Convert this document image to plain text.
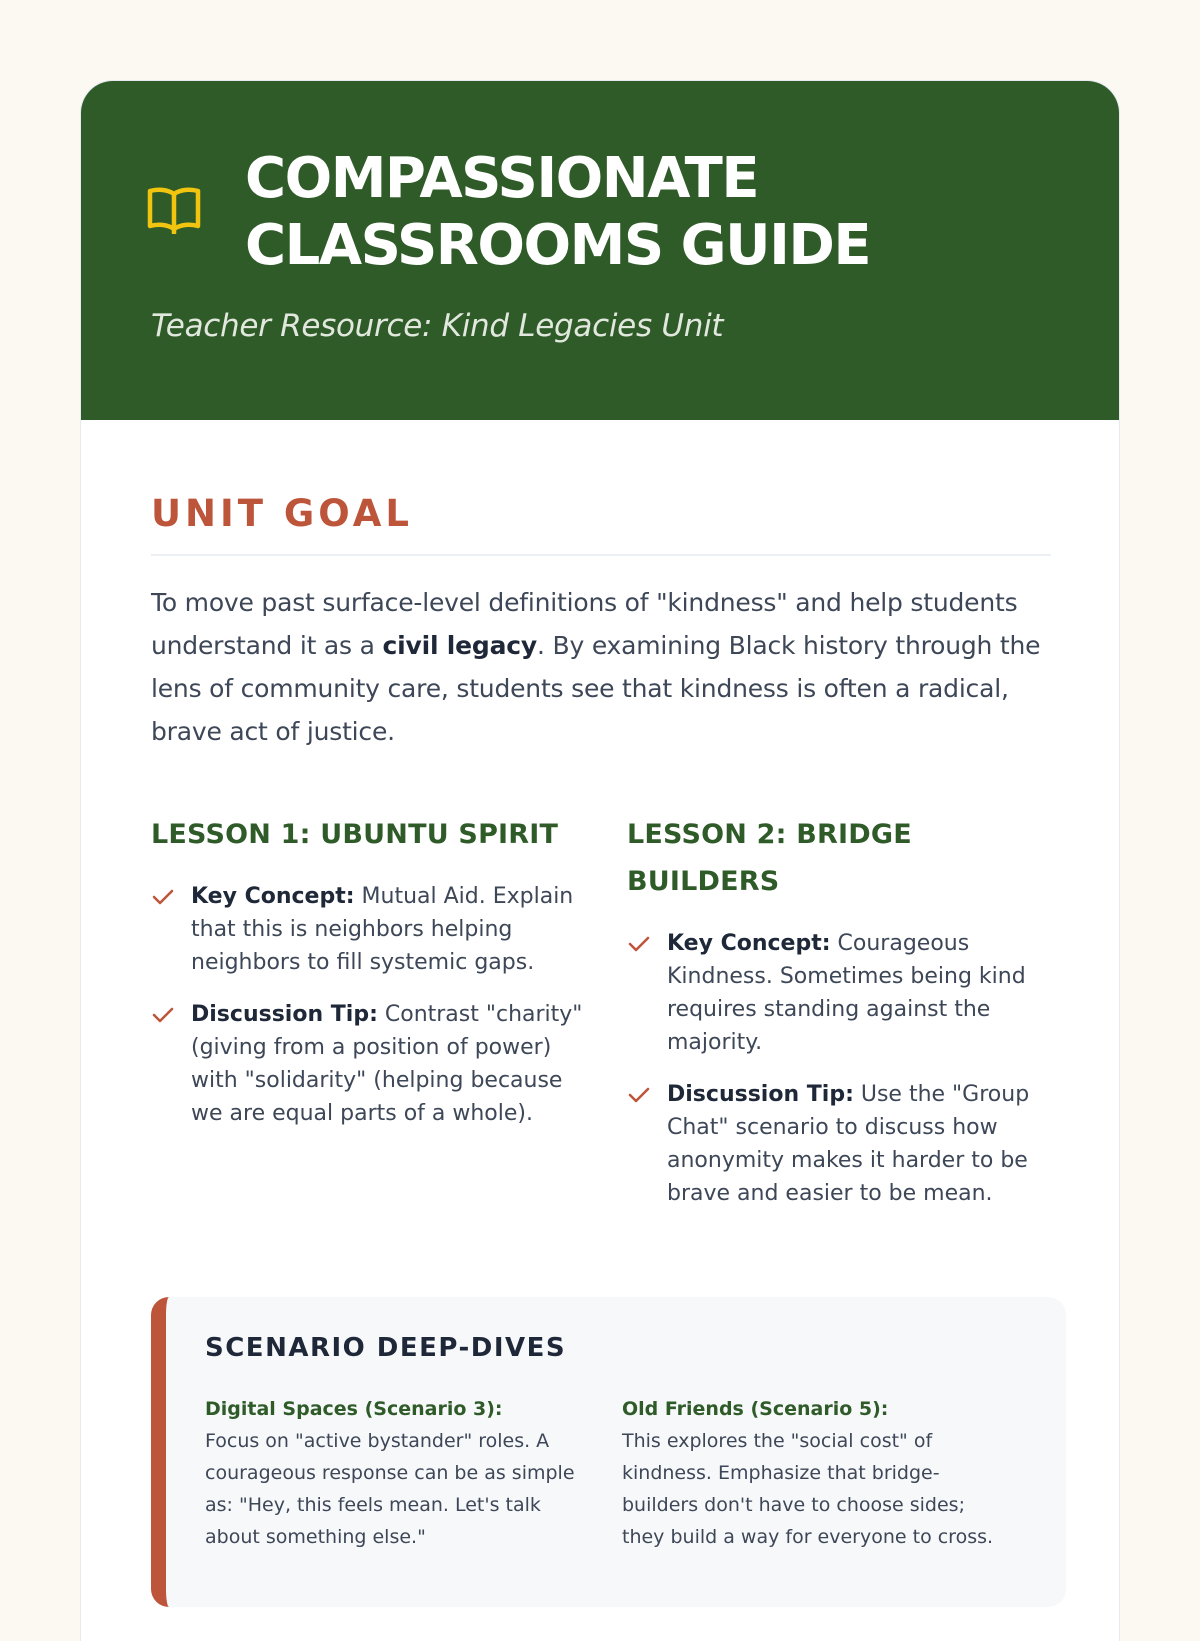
COMPASSIONATE
CLASSROOMS GUIDE

Teacher Resource: Kind Legacies Unit

UNIT GOAL

To move past surface-level definitions of "kindness" and help students understand it as a civil legacy. By examining Black history through the lens of community care, students see that kindness is often a radical, brave act of justice.

LESSON 1: UBUNTU SPIRIT
Key Concept: Mutual Aid. Explain that this is neighbors helping neighbors to fill systemic gaps.
Discussion Tip: Contrast "charity" (giving from a position of power) with "solidarity" (helping because we are equal parts of a whole).
LESSON 2: BRIDGE BUILDERS
Key Concept: Courageous Kindness. Sometimes being kind requires standing against the majority.
Discussion Tip: Use the "Group Chat" scenario to discuss how anonymity makes it harder to be brave and easier to be mean.
SCENARIO DEEP-DIVES
Digital Spaces (Scenario 3):
Focus on "active bystander" roles. A courageous response can be as simple as: "Hey, this feels mean. Let's talk about something else."
Old Friends (Scenario 5):
This explores the "social cost" of kindness. Emphasize that bridge-builders don't have to choose sides; they build a way for everyone to cross.
